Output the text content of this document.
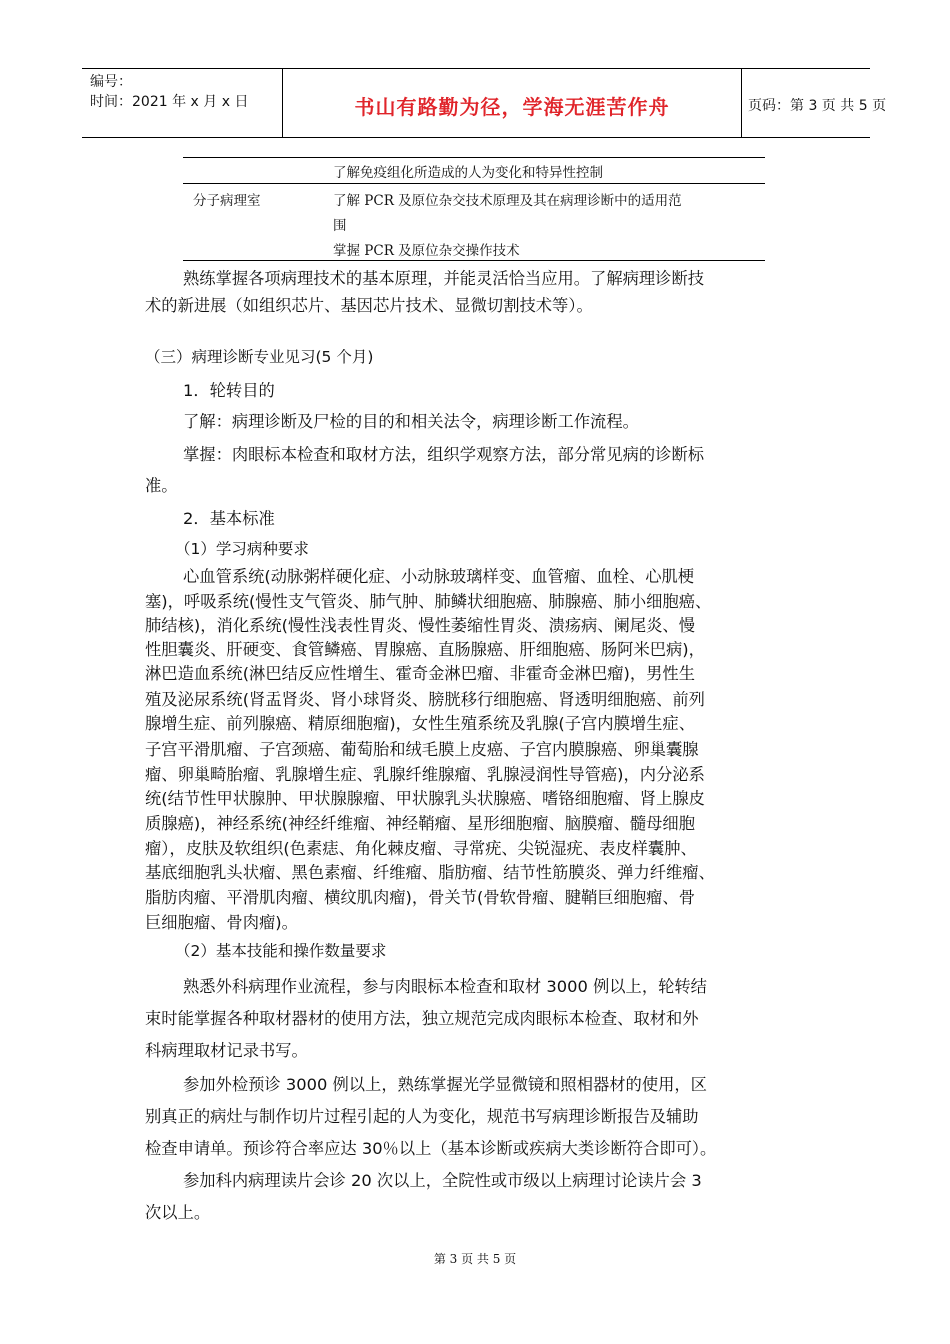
编号：
时间：2021 年 x 月 x 日	书山有路勤为径，学海无涯苦作舟	页码：第 3 页 共 5 页
了解免疫组化所造成的人为变化和特异性控制
分子病理室	了解 PCR 及原位杂交技术原理及其在病理诊断中的适用范
围
掌握 PCR 及原位杂交操作技术
熟练掌握各项病理技术的基本原理，并能灵活恰当应用。了解病理诊断技
术的新进展（如组织芯片、基因芯片技术、显微切割技术等）。
（三）病理诊断专业见习(5 个月)
1．轮转目的
了解：病理诊断及尸检的目的和相关法令，病理诊断工作流程。
掌握：肉眼标本检查和取材方法，组织学观察方法，部分常见病的诊断标
准。
2．基本标准
（1）学习病种要求
心血管系统(动脉粥样硬化症、小动脉玻璃样变、血管瘤、血栓、心肌梗
塞)，呼吸系统(慢性支气管炎、肺气肿、肺鳞状细胞癌、肺腺癌、肺小细胞癌、
肺结核)，消化系统(慢性浅表性胃炎、慢性萎缩性胃炎、溃疡病、阑尾炎、慢
性胆囊炎、肝硬变、食管鳞癌、胃腺癌、直肠腺癌、肝细胞癌、肠阿米巴病)，
淋巴造血系统(淋巴结反应性增生、霍奇金淋巴瘤、非霍奇金淋巴瘤)，男性生
殖及泌尿系统(肾盂肾炎、肾小球肾炎、膀胱移行细胞癌、肾透明细胞癌、前列
腺增生症、前列腺癌、精原细胞瘤)，女性生殖系统及乳腺(子宫内膜增生症、
子宫平滑肌瘤、子宫颈癌、葡萄胎和绒毛膜上皮癌、子宫内膜腺癌、卵巢囊腺
瘤、卵巢畸胎瘤、乳腺增生症、乳腺纤维腺瘤、乳腺浸润性导管癌)，内分泌系
统(结节性甲状腺肿、甲状腺腺瘤、甲状腺乳头状腺癌、嗜铬细胞瘤、肾上腺皮
质腺癌)，神经系统(神经纤维瘤、神经鞘瘤、星形细胞瘤、脑膜瘤、髓母细胞
瘤），皮肤及软组织(色素痣、角化棘皮瘤、寻常疣、尖锐湿疣、表皮样囊肿、
基底细胞乳头状瘤、黑色素瘤、纤维瘤、脂肪瘤、结节性筋膜炎、弹力纤维瘤、
脂肪肉瘤、平滑肌肉瘤、横纹肌肉瘤)，骨关节(骨软骨瘤、腱鞘巨细胞瘤、骨
巨细胞瘤、骨肉瘤)。
（2）基本技能和操作数量要求
熟悉外科病理作业流程，参与肉眼标本检查和取材 3000 例以上，轮转结
束时能掌握各种取材器材的使用方法，独立规范完成肉眼标本检查、取材和外
科病理取材记录书写。
参加外检预诊 3000 例以上，熟练掌握光学显微镜和照相器材的使用，区
别真正的病灶与制作切片过程引起的人为变化，规范书写病理诊断报告及辅助
检查申请单。预诊符合率应达 30％以上（基本诊断或疾病大类诊断符合即可）。
参加科内病理读片会诊 20 次以上，全院性或市级以上病理讨论读片会 3
次以上。
第 3 页 共 5 页
